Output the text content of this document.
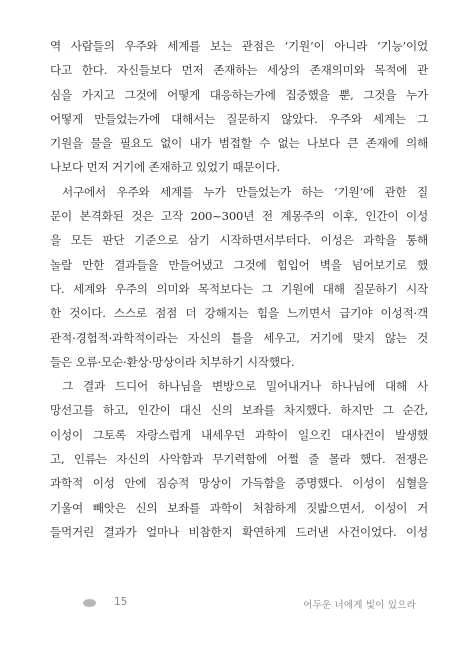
역 사람들의 우주와 세계를 보는 관점은 ‘기원’이 아니라 ‘기능’이었
다고 한다. 자신들보다 먼저 존재하는 세상의 존재의미와 목적에 관
심을 가지고 그것에 어떻게 대응하는가에 집중했을 뿐, 그것을 누가
어떻게 만들었는가에 대해서는 질문하지 않았다. 우주와 세계는 그
기원을 물을 필요도 없이 내가 범접할 수 없는 나보다 큰 존재에 의해
나보다 먼저 거기에 존재하고 있었기 때문이다.
서구에서 우주와 세계를 누가 만들었는가 하는 ‘기원’에 관한 질
문이 본격화된 것은 고작 200~300년 전 계몽주의 이후, 인간이 이성
을 모든 판단 기준으로 삼기 시작하면서부터다. 이성은 과학을 통해
놀랄 만한 결과들을 만들어냈고 그것에 힘입어 벽을 넘어보기로 했
다. 세계와 우주의 의미와 목적보다는 그 기원에 대해 질문하기 시작
한 것이다. 스스로 점점 더 강해지는 힘을 느끼면서 급기야 이성적·객
관적·경험적·과학적이라는 자신의 틀을 세우고, 거기에 맞지 않는 것
들은 오류·모순·환상·망상이라 치부하기 시작했다.
그 결과 드디어 하나님을 변방으로 밀어내거나 하나님에 대해 사
망선고를 하고, 인간이 대신 신의 보좌를 차지했다. 하지만 그 순간,
이성이 그토록 자랑스럽게 내세우던 과학이 일으킨 대사건이 발생했
고, 인류는 자신의 사악함과 무기력함에 어쩔 줄 몰라 했다. 전쟁은
과학적 이성 안에 짐승적 망상이 가득함을 증명했다. 이성이 심혈을
기울여 빼앗은 신의 보좌를 과학이 처참하게 짓밟으면서, 이성이 거
들먹거린 결과가 얼마나 비참한지 확연하게 드러낸 사건이었다. 이성
15	어두운 너에게 빛이 있으라
